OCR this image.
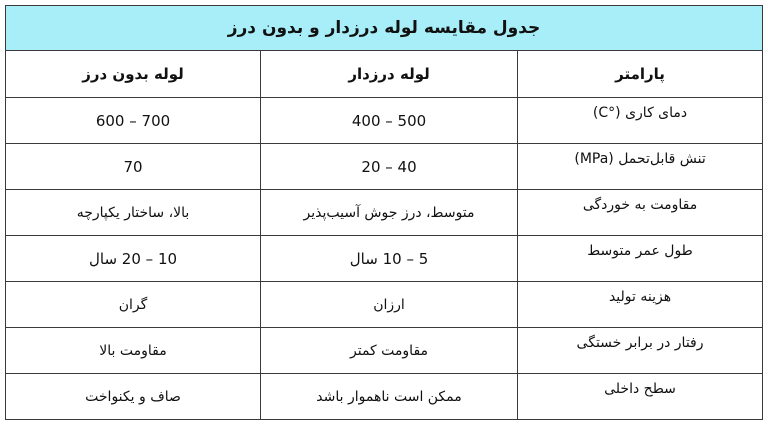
جدول مقایسه لوله درزدار و بدون درز		
پارامتر	لوله درزدار	لوله بدون درز
دمای کاری (°C)	500 – 400	700 – 600
تنش قابل‌تحمل (MPa)	40 – 20	70
مقاومت به خوردگی	متوسط، درز جوش آسیب‌پذیر	بالا، ساختار یکپارچه
طول عمر متوسط	5 – 10 سال	10 – 20 سال
هزینه تولید	ارزان	گران
رفتار در برابر خستگی	مقاومت کمتر	مقاومت بالا
سطح داخلی	ممکن است ناهموار باشد	صاف و یکنواخت
